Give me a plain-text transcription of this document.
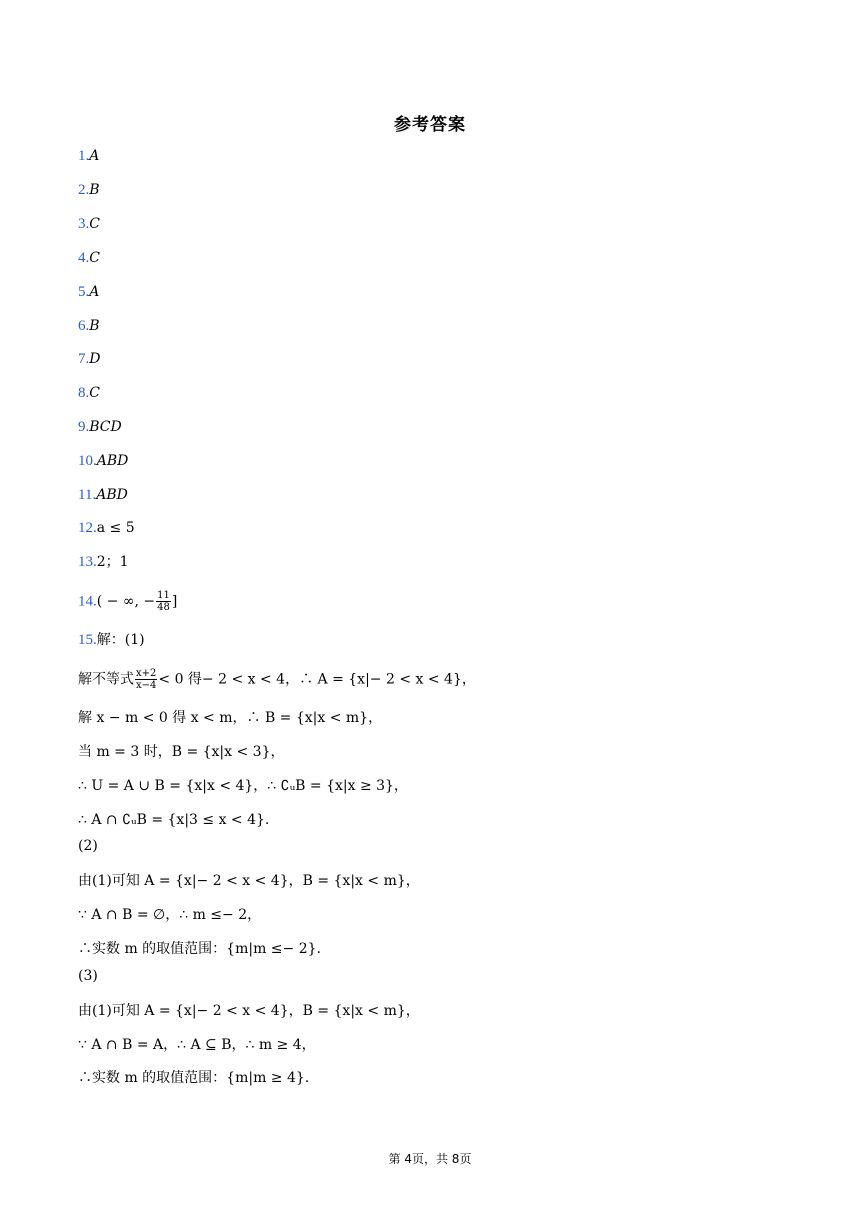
参考答案
1.A
2.B
3.C
4.C
5.A
6.B
7.D
8.C
9.BCD
10.ABD
11.ABD
12.a ≤ 5
13.2；1
14.( − ∞, − $\frac{11}{48}$ ]
15.解：(1)
解不等式 $\frac{x+2}{x-4} < 0$ 得− 2 < x < 4，∴ A = {x|− 2 < x < 4}，
解 x − m < 0 得 x < m，∴ B = {x|x < m}，
当 m = 3 时，B = {x|x < 3}，
∴ U = A ∪ B = {x|x < 4}，∴ ∁ᵤB = {x|x ≥ 3}，
∴ A ∩ ∁ᵤB = {x|3 ≤ x < 4}.
(2)
由(1)可知 A = {x|− 2 < x < 4}，B = {x|x < m}，
∵ A ∩ B = ∅，∴ m ≤− 2，
∴实数 m 的取值范围：{m|m ≤− 2}.
(3)
由(1)可知 A = {x|− 2 < x < 4}，B = {x|x < m}，
∵ A ∩ B = A，∴ A ⊆ B，∴ m ≥ 4，
∴实数 m 的取值范围：{m|m ≥ 4}.
第 4页，共 8页
